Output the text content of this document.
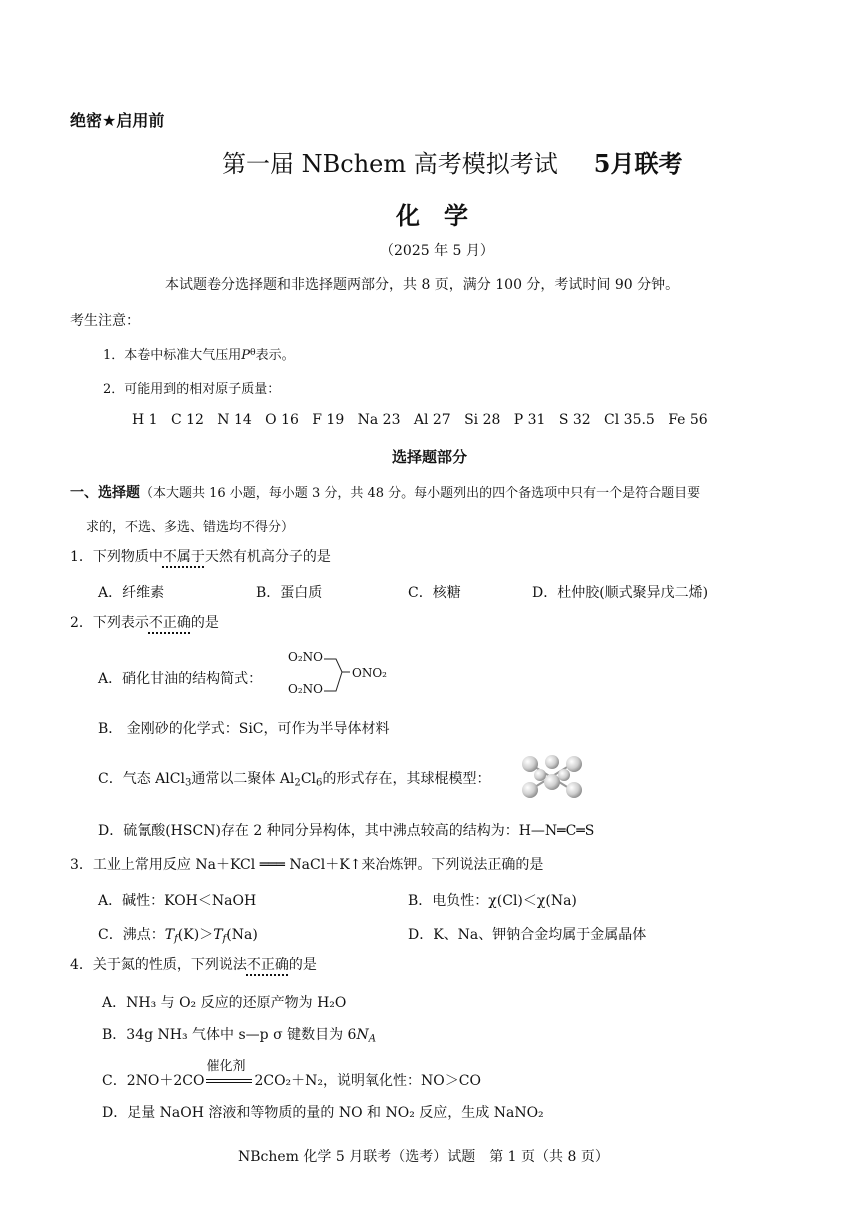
绝密★启用前
第一届 NBchem 高考模拟考试 5月联考
化　学
（2025 年 5 月）
本试题卷分选择题和非选择题两部分，共 8 页，满分 100 分，考试时间 90 分钟。
考生注意：
1．本卷中标准大气压用$P^\theta$表示。
2．可能用到的相对原子质量：
H 1 C 12 N 14 O 16 F 19 Na 23 Al 27 Si 28 P 31 S 32 Cl 35.5 Fe 56
选择题部分
一、选择题（本大题共 16 小题，每小题 3 分，共 48 分。每小题列出的四个备选项中只有一个是符合题目要
求的，不选、多选、错选均不得分）
1．下列物质中不属于天然有机高分子的是
A．纤维素	B．蛋白质	C．核糖	D．杜仲胶(顺式聚异戊二烯)
2．下列表示不正确的是
A．硝化甘油的结构简式：
O₂NO
O₂NO
ONO₂
B． 金刚砂的化学式：SiC，可作为半导体材料
C．气态 AlCl$_3$通常以二聚体 $Al_2Cl_6$的形式存在，其球棍模型：
D．硫氰酸(HSCN)存在 2 种同分异构体，其中沸点较高的结构为：H—N═C═S
3．工业上常用反应 Na＋KCl ═══ NaCl＋K↑来冶炼钾。下列说法正确的是
A．碱性：KOH＜NaOH	B．电负性：χ(Cl)＜χ(Na)
C．沸点：$T_f(K)>T_f(Na)$	D．K、Na、钾钠合金均属于金属晶体
4．关于氮的性质，下列说法不正确的是
A．NH₃ 与 O₂ 反应的还原产物为 H₂O
B．34g NH₃ 气体中 s—p σ 键数目为 $6N_A$
C．2NO＋2CO
催化剂
2CO₂＋N₂，说明氧化性：NO＞CO
D．足量 NaOH 溶液和等物质的量的 NO 和 NO₂ 反应，生成 NaNO₂
NBchem 化学 5 月联考（选考）试题　第 1 页（共 8 页）
